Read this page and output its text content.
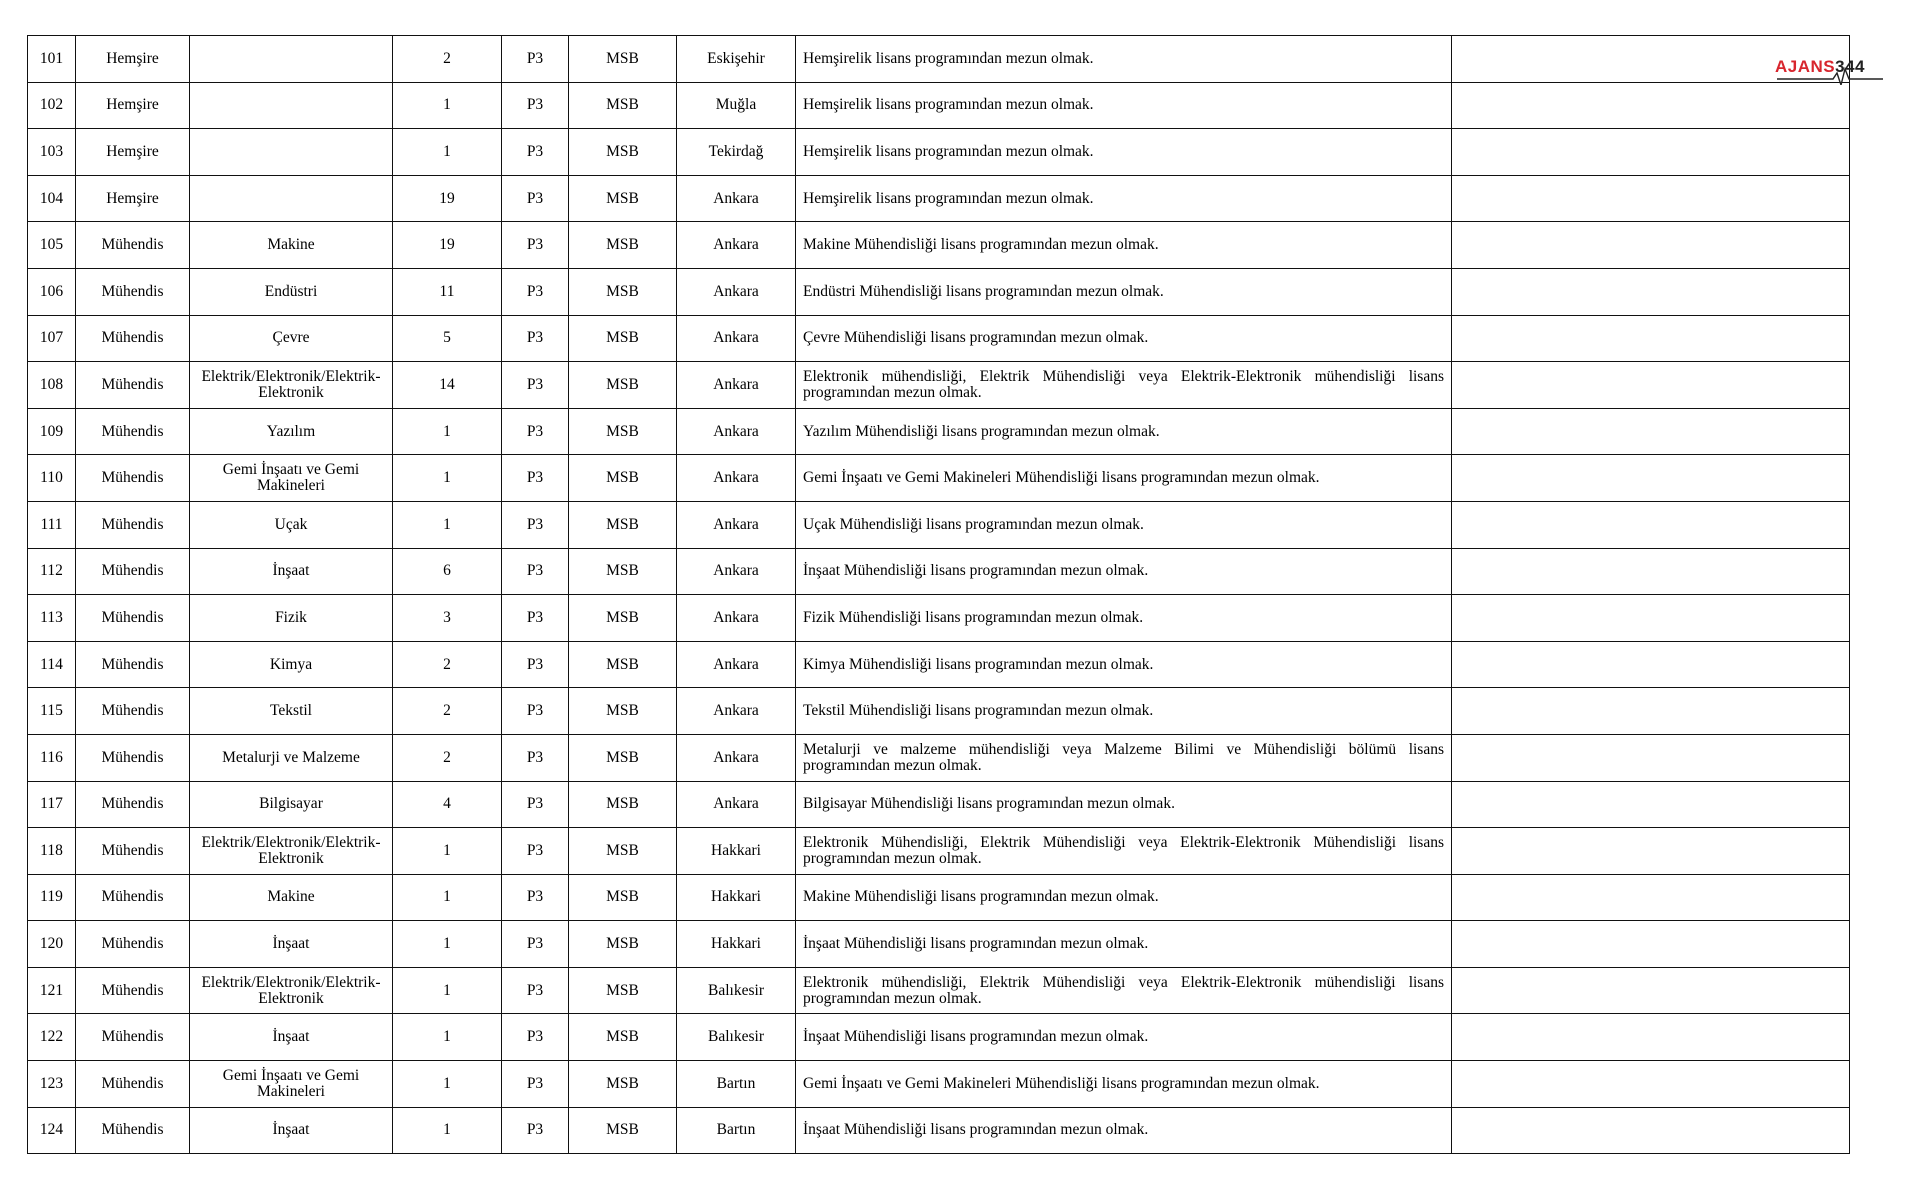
101	Hemşire		2	P3	MSB	Eskişehir	Hemşirelik lisans programından mezun olmak.	
102	Hemşire		1	P3	MSB	Muğla	Hemşirelik lisans programından mezun olmak.	
103	Hemşire		1	P3	MSB	Tekirdağ	Hemşirelik lisans programından mezun olmak.	
104	Hemşire		19	P3	MSB	Ankara	Hemşirelik lisans programından mezun olmak.	
105	Mühendis	Makine	19	P3	MSB	Ankara	Makine Mühendisliği lisans programından mezun olmak.	
106	Mühendis	Endüstri	11	P3	MSB	Ankara	Endüstri Mühendisliği lisans programından mezun olmak.	
107	Mühendis	Çevre	5	P3	MSB	Ankara	Çevre Mühendisliği lisans programından mezun olmak.	
108	Mühendis	Elektrik/Elektronik/Elektrik-Elektronik	14	P3	MSB	Ankara	Elektronik mühendisliği, Elektrik Mühendisliği veya Elektrik-Elektronik mühendisliği lisans programından mezun olmak.	
109	Mühendis	Yazılım	1	P3	MSB	Ankara	Yazılım Mühendisliği lisans programından mezun olmak.	
110	Mühendis	Gemi İnşaatı ve Gemi Makineleri	1	P3	MSB	Ankara	Gemi İnşaatı ve Gemi Makineleri Mühendisliği lisans programından mezun olmak.	
111	Mühendis	Uçak	1	P3	MSB	Ankara	Uçak Mühendisliği lisans programından mezun olmak.	
112	Mühendis	İnşaat	6	P3	MSB	Ankara	İnşaat Mühendisliği lisans programından mezun olmak.	
113	Mühendis	Fizik	3	P3	MSB	Ankara	Fizik Mühendisliği lisans programından mezun olmak.	
114	Mühendis	Kimya	2	P3	MSB	Ankara	Kimya Mühendisliği lisans programından mezun olmak.	
115	Mühendis	Tekstil	2	P3	MSB	Ankara	Tekstil Mühendisliği lisans programından mezun olmak.	
116	Mühendis	Metalurji ve Malzeme	2	P3	MSB	Ankara	Metalurji ve malzeme mühendisliği veya Malzeme Bilimi ve Mühendisliği bölümü lisans programından mezun olmak.	
117	Mühendis	Bilgisayar	4	P3	MSB	Ankara	Bilgisayar Mühendisliği lisans programından mezun olmak.	
118	Mühendis	Elektrik/Elektronik/Elektrik-Elektronik	1	P3	MSB	Hakkari	Elektronik Mühendisliği, Elektrik Mühendisliği veya Elektrik-Elektronik Mühendisliği lisans programından mezun olmak.	
119	Mühendis	Makine	1	P3	MSB	Hakkari	Makine Mühendisliği lisans programından mezun olmak.	
120	Mühendis	İnşaat	1	P3	MSB	Hakkari	İnşaat Mühendisliği lisans programından mezun olmak.	
121	Mühendis	Elektrik/Elektronik/Elektrik-Elektronik	1	P3	MSB	Balıkesir	Elektronik mühendisliği, Elektrik Mühendisliği veya Elektrik-Elektronik mühendisliği lisans programından mezun olmak.	
122	Mühendis	İnşaat	1	P3	MSB	Balıkesir	İnşaat Mühendisliği lisans programından mezun olmak.	
123	Mühendis	Gemi İnşaatı ve Gemi Makineleri	1	P3	MSB	Bartın	Gemi İnşaatı ve Gemi Makineleri Mühendisliği lisans programından mezun olmak.	
124	Mühendis	İnşaat	1	P3	MSB	Bartın	İnşaat Mühendisliği lisans programından mezun olmak.	
AJANS344
